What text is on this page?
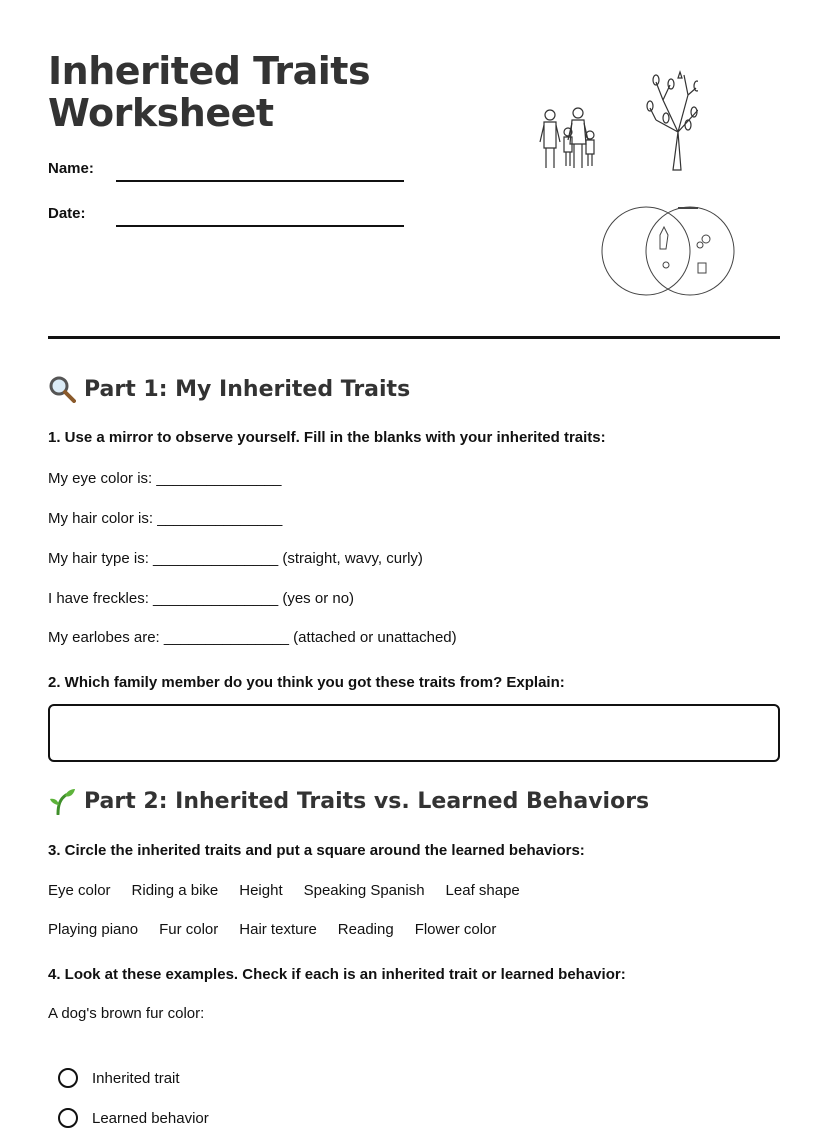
Inherited Traits
Worksheet
Name:
Date:
Part 1: My Inherited Traits
1. Use a mirror to observe yourself. Fill in the blanks with your inherited traits:
My eye color is: _______________
My hair color is: _______________
My hair type is: _______________ (straight, wavy, curly)
I have freckles: _______________ (yes or no)
My earlobes are: _______________ (attached or unattached)
2. Which family member do you think you got these traits from? Explain:
Part 2: Inherited Traits vs. Learned Behaviors
3. Circle the inherited traits and put a square around the learned behaviors:
Eye color Riding a bike Height Speaking Spanish Leaf shape
Playing piano Fur color Hair texture Reading Flower color
4. Look at these examples. Check if each is an inherited trait or learned behavior:
A dog's brown fur color:
Inherited trait
Learned behavior
